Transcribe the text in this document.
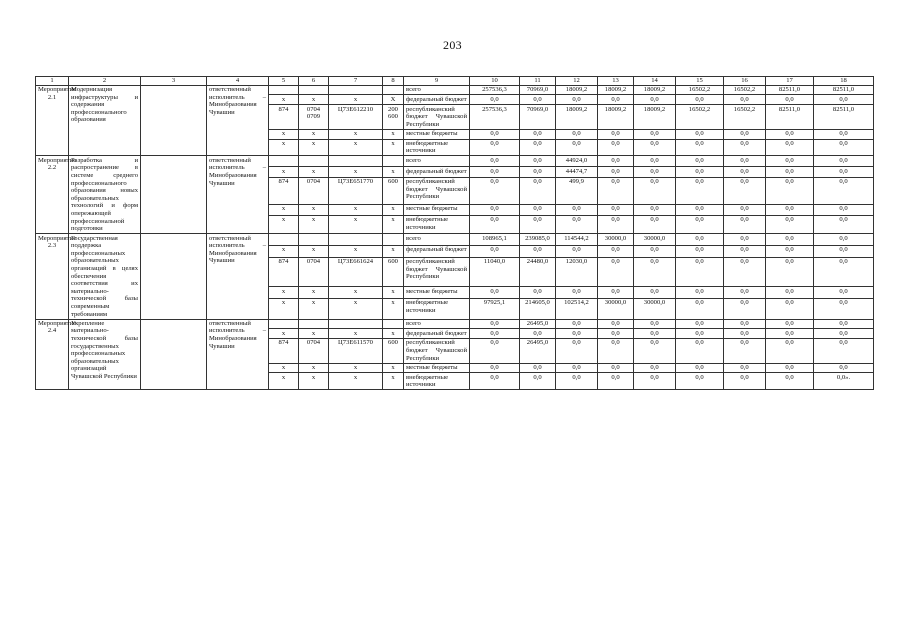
203
1	2	3	4	5	6	7	8	9	10	11	12	13	14	15	16	17	18
Мероприятие 2.1	Модернизация инфраструктуры и содержания профессионального образования		ответственный исполнитель – Минобразования Чувашии					всего	257536,3	70969,0	18009,2	18009,2	18009,2	16502,2	16502,2	82511,0	82511,0
				x	x	x	X	федеральный бюджет	0,0	0,0	0,0	0,0	0,0	0,0	0,0	0,0	0,0
				874	0704 0709	Ц73Е612210	200 600	республиканский бюджет Чувашской Республики	257536,3	70969,0	18009,2	18009,2	18009,2	16502,2	16502,2	82511,0	82511,0
				x	x	x	x	местные бюджеты	0,0	0,0	0,0	0,0	0,0	0,0	0,0	0,0	0,0
				x	x	x	x	внебюджетные источники	0,0	0,0	0,0	0,0	0,0	0,0	0,0	0,0	0,0
Мероприятие 2.2	Разработка и распространение в системе среднего профессионального образования новых образовательных технологий и форм опережающей профессиональной подготовки		ответственный исполнитель – Минобразования Чувашии					всего	0,0	0,0	44924,0	0,0	0,0	0,0	0,0	0,0	0,0
				x	x	x	x	федеральный бюджет	0,0	0,0	44474,7	0,0	0,0	0,0	0,0	0,0	0,0
				874	0704	Ц73Е651770	600	республиканский бюджет Чувашской Республики	0,0	0,0	499,9	0,0	0,0	0,0	0,0	0,0	0,0
				x	x	x	x	местные бюджеты	0,0	0,0	0,0	0,0	0,0	0,0	0,0	0,0	0,0
				x	x	x	x	внебюджетные источники	0,0	0,0	0,0	0,0	0,0	0,0	0,0	0,0	0,0
Мероприятие 2.3	Государственная поддержка профессиональных образовательных организаций в целях обеспечения соответствия их материально-технической базы современным требованиям		ответственный исполнитель – Минобразования Чувашии					всего	108965,1	239085,0	114544,2	30000,0	30000,0	0,0	0,0	0,0	0,0
				x	x	x	x	федеральный бюджет	0,0	0,0	0,0	0,0	0,0	0,0	0,0	0,0	0,0
				874	0704	Ц73Е661624	600	республиканский бюджет Чувашской Республики	11040,0	24480,0	12030,0	0,0	0,0	0,0	0,0	0,0	0,0
				x	x	x	x	местные бюджеты	0,0	0,0	0,0	0,0	0,0	0,0	0,0	0,0	0,0
				x	x	x	x	внебюджетные источники	97925,1	214605,0	102514,2	30000,0	30000,0	0,0	0,0	0,0	0,0
Мероприятие 2.4	Укрепление материально-технической базы государственных профессиональных образовательных организаций Чувашской Республики		ответственный исполнитель – Минобразования Чувашии					всего	0,0	26495,0	0,0	0,0	0,0	0,0	0,0	0,0	0,0
				x	x	x	x	федеральный бюджет	0,0	0,0	0,0	0,0	0,0	0,0	0,0	0,0	0,0
				874	0704	Ц73Е611570	600	республиканский бюджет Чувашской Республики	0,0	26495,0	0,0	0,0	0,0	0,0	0,0	0,0	0,0
				x	x	x	x	местные бюджеты	0,0	0,0	0,0	0,0	0,0	0,0	0,0	0,0	0,0
				x	x	x	x	внебюджетные источники	0,0	0,0	0,0	0,0	0,0	0,0	0,0	0,0	0,0».
